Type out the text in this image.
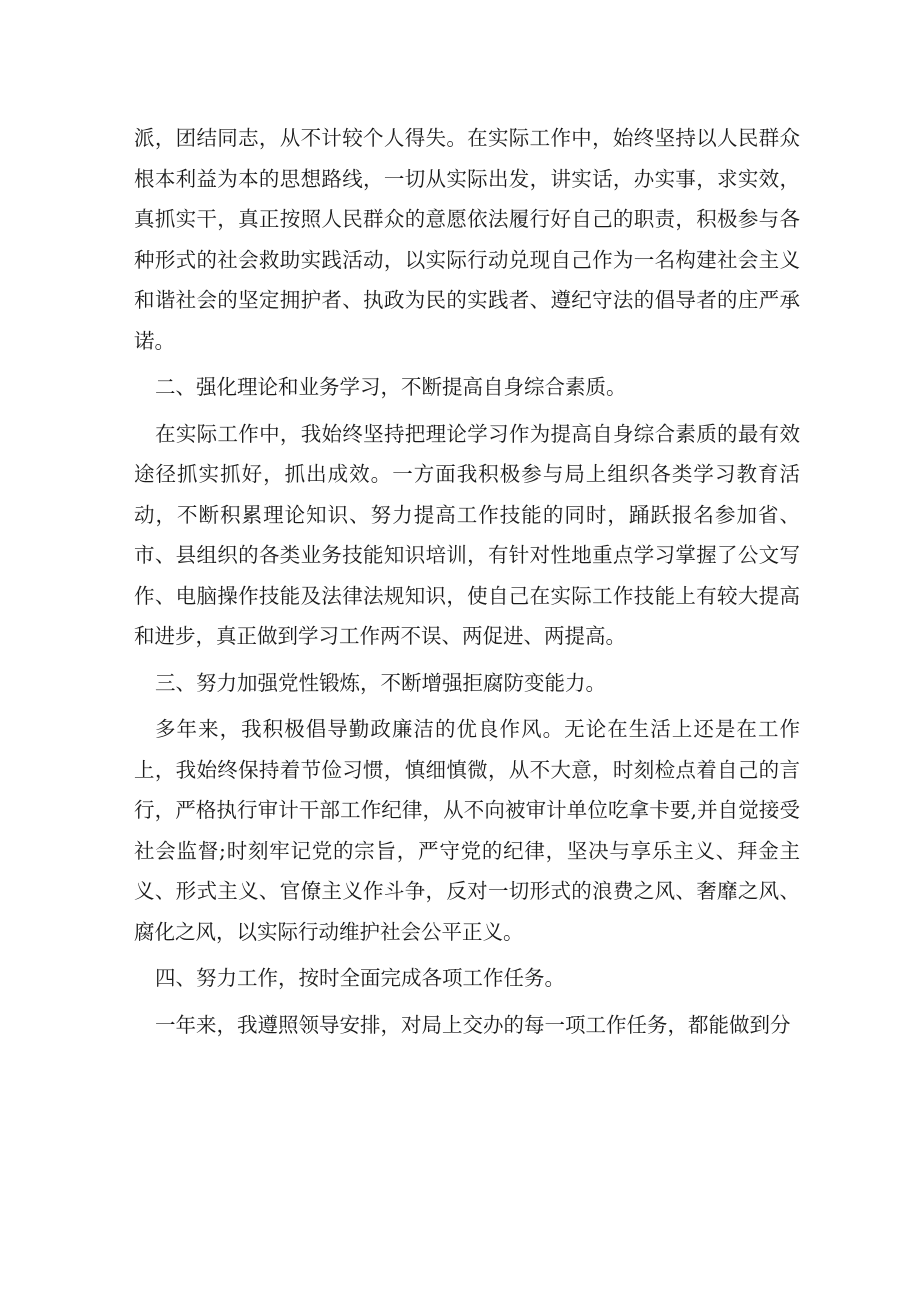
派，团结同志，从不计较个人得失。在实际工作中，始终坚持以人民群众根本利益为本的思想路线，一切从实际出发，讲实话，办实事，求实效，真抓实干，真正按照人民群众的意愿依法履行好自己的职责，积极参与各种形式的社会救助实践活动，以实际行动兑现自己作为一名构建社会主义和谐社会的坚定拥护者、执政为民的实践者、遵纪守法的倡导者的庄严承诺。

二、强化理论和业务学习，不断提高自身综合素质。

在实际工作中，我始终坚持把理论学习作为提高自身综合素质的最有效途径抓实抓好，抓出成效。一方面我积极参与局上组织各类学习教育活动，不断积累理论知识、努力提高工作技能的同时，踊跃报名参加省、市、县组织的各类业务技能知识培训，有针对性地重点学习掌握了公文写作、电脑操作技能及法律法规知识，使自己在实际工作技能上有较大提高和进步，真正做到学习工作两不误、两促进、两提高。

三、努力加强党性锻炼，不断增强拒腐防变能力。

多年来，我积极倡导勤政廉洁的优良作风。无论在生活上还是在工作上，我始终保持着节俭习惯，慎细慎微，从不大意，时刻检点着自己的言行，严格执行审计干部工作纪律，从不向被审计单位吃拿卡要,并自觉接受社会监督;时刻牢记党的宗旨，严守党的纪律，坚决与享乐主义、拜金主义、形式主义、官僚主义作斗争，反对一切形式的浪费之风、奢靡之风、腐化之风，以实际行动维护社会公平正义。

四、努力工作，按时全面完成各项工作任务。

一年来，我遵照领导安排，对局上交办的每一项工作任务，都能做到分
